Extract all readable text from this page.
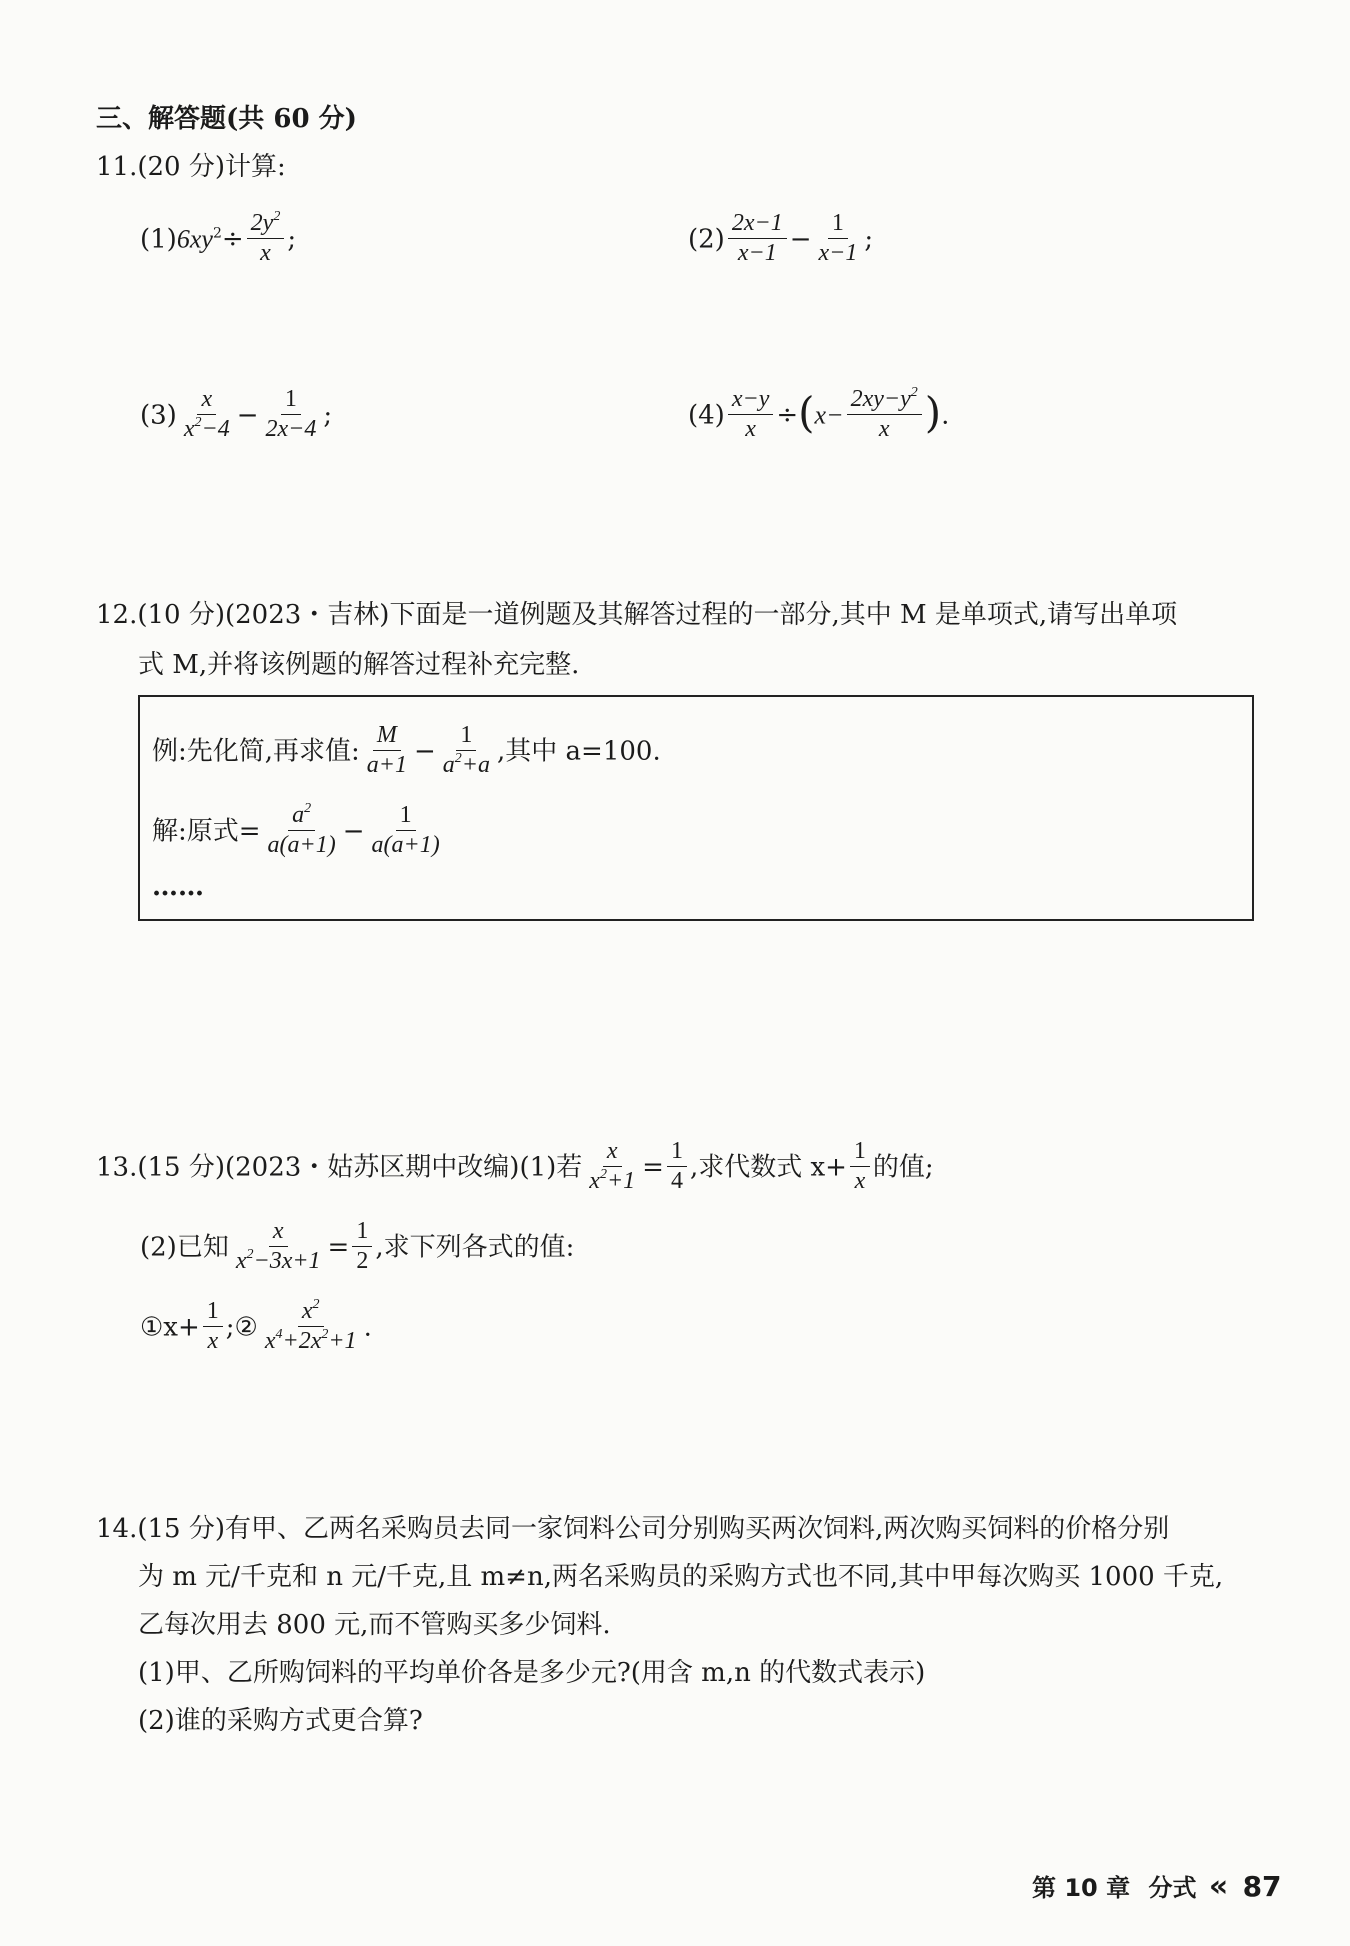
三、解答题(共 60 分)
11.(20 分)计算:
$(1)6xy^2\div \frac{2y^2}{x}$ ;	$(2) \frac{2x-1}{x-1} - \frac{1}{x-1}$ ;
$(3) \frac{x}{x^2-4} - \frac{1}{2x-4}$ ;	$(4) \frac{x-y}{x} \div(x- \frac{2xy-y^2}{x}$ ).
12.(10 分)(2023・吉林)下面是一道例题及其解答过程的一部分,其中 M 是单项式,请写出单项
式 M,并将该例题的解答过程补充完整.
例:先化简,再求值: $\frac{M}{a+1} - \frac{1}{a^2+a}$ ,其中 a=100.
解:原式= $\frac{a^2}{a(a+1)} - \frac{1}{a(a+1)}$
……
13.(15 分)(2023・姑苏区期中改编)(1)若 $\frac{x}{x^2+1} = \frac{1}{4}$ ,求代数式 $x+ \frac{1}{x}$ 的值;
(2)已知 $\frac{x}{x^2-3x+1} = \frac{1}{2}$ ,求下列各式的值:
①x+ $\frac{1}{x}$ ;② $\frac{x^2}{x^4+2x^2+1}$ .
14.(15 分)有甲、乙两名采购员去同一家饲料公司分别购买两次饲料,两次购买饲料的价格分别
为 m 元/千克和 n 元/千克,且 m≠n,两名采购员的采购方式也不同,其中甲每次购买 1000 千克,
乙每次用去 800 元,而不管购买多少饲料.
(1)甲、乙所购饲料的平均单价各是多少元?(用含 m,n 的代数式表示)
(2)谁的采购方式更合算?
第 10 章 分式 « 87
